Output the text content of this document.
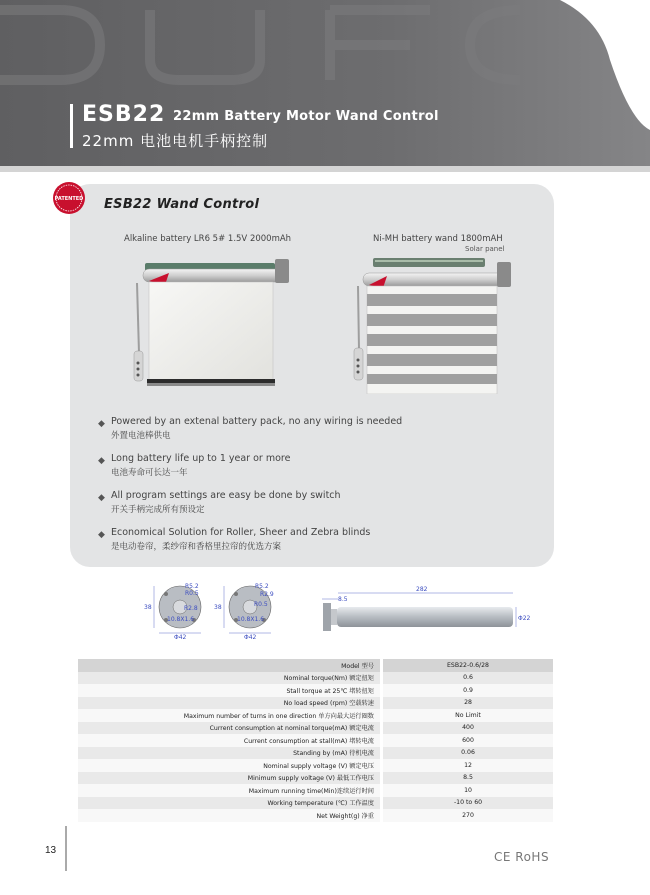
ESB22 22mm Battery Motor Wand Control
22mm 电池电机手柄控制
PATENTED ESB22 Wand Control
Alkaline battery LR6 5# 1.5V 2000mAh	Ni-MH battery wand 1800mAH
Solar panel
◆ Powered by an extenal battery pack, no any wiring is needed
外置电池棒供电
◆ Long battery life up to 1 year or more
电池寿命可长达一年
◆ All program settings are easy be done by switch
开关手柄完成所有预设定
◆ Economical Solution for Roller, Sheer and Zebra blinds
是电动卷帘，柔纱帘和香格里拉帘的优选方案
38
Φ42
R5.2
R0.5
R2.8
10.8X1.6
38
Φ42
R5.2
R2.9
R0.5
10.8X1.6
282
8.5
Φ22
Model 型号		ESB22-0.6/28
Nominal torque(Nm) 额定扭矩		0.6
Stall torque at 25℃ 堵转扭矩		0.9
No load speed (rpm) 空载转速		28
Maximum number of turns in one direction 单方向最大运行圈数		No Limit
Current consumption at nominal torque(mA) 额定电流		400
Current consumption at stall(mA) 堵转电流		600
Standing by (mA) 待机电流		0.06
Nominal supply voltage (V) 额定电压		12
Minimum supply voltage (V) 最低工作电压		8.5
Maximum running time(Min)连续运行时间		10
Working temperature (℃) 工作温度		-10 to 60
Net Weight(g) 净重		270
13	CE RoHS
